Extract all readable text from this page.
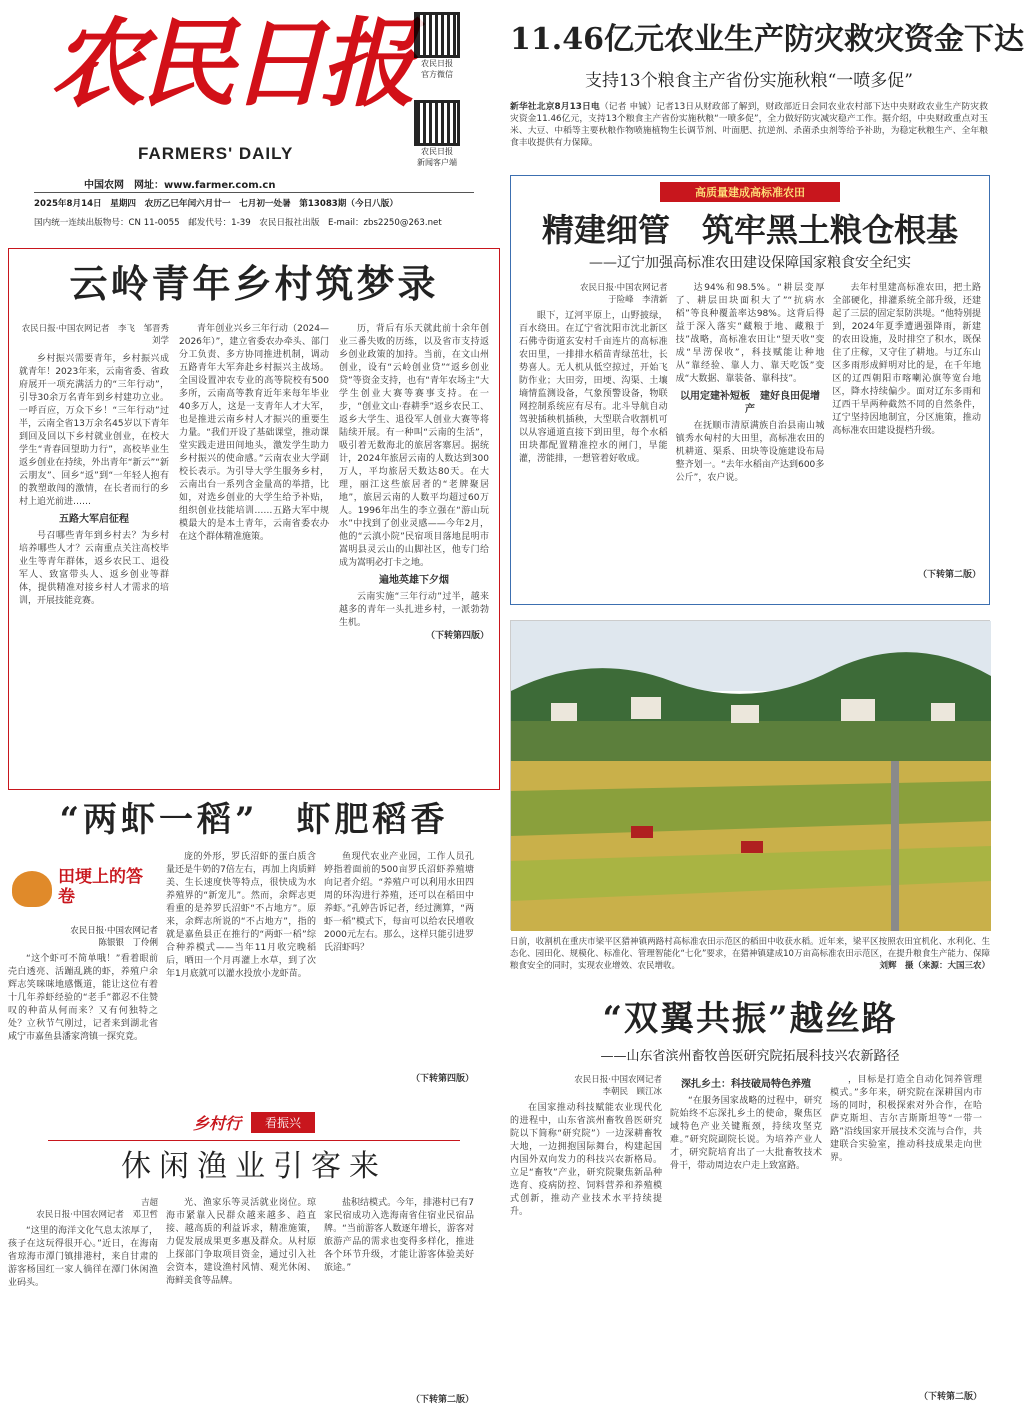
农民日报
FARMERS' DAILY
农民日报
官方微信
农民日报
新闻客户端
中国农网　网址：www.farmer.com.cn
2025年8月14日　星期四　农历乙巳年闰六月廿一　七月初一处暑　第13083期（今日八版）
国内统一连续出版物号：CN 11-0055　邮发代号：1-39　农民日报社出版　E-mail：zbs2250@263.net
11.46亿元农业生产防灾救灾资金下达
支持13个粮食主产省份实施秋粮“一喷多促”
新华社北京8月13日电（记者 申铖）记者13日从财政部了解到，财政部近日会同农业农村部下达中央财政农业生产防灾救灾资金11.46亿元，支持13个粮食主产省份实施秋粮“一喷多促”，全力做好防灾减灾稳产工作。据介绍，中央财政重点对玉米、大豆、中稻等主要秋粮作物喷施植物生长调节剂、叶面肥、抗逆剂、杀菌杀虫剂等给予补助，为稳定秋粮生产、全年粮食丰收提供有力保障。
云岭青年乡村筑梦录
农民日报·中国农网记者　李飞　邹晋秀　刘学

乡村振兴需要青年，乡村振兴成就青年！2023年来，云南省委、省政府展开一项充满活力的“三年行动”，引导30余万名青年到乡村建功立业。一呼百应，万众下乡！“三年行动”过半，云南全省13万余名45岁以下青年到回及回以下乡村就业创业，在校大学生“青春回望助力行”，高校毕业生返乡创业在持续，外出青年“新云”“新云朋友”、回乡“返”到“一年轻人抱有的教塑敢闯的激情，在长者而行的乡村上追光前进……

五路大军启征程

号召哪些青年到乡村去？为乡村培养哪些人才？云南重点关注高校毕业生等青年群体，返乡农民工、退役军人、致富带头人、返乡创业等群体，提供精准对接乡村人才需求的培训，开展技能竞赛。

青年创业兴乡三年行动（2024—2026年）”，建立省委农办牵头、部门分工负责、多方协同推进机制，调动五路青年大军奔赴乡村振兴主战场。全国设置冲农专业的高等院校有500多所，云南高等教育近年来每年毕业40多万人，这是一支青年人才大军，也是推进云南乡村人才振兴的重要生力量。“我们开设了基础课堂，推动课堂实践走进田间地头，激发学生助力乡村振兴的使命感。”云南农业大学副校长表示。为引导大学生服务乡村，云南出台一系列含金量高的举措，比如，对选乡创业的大学生给予补贴，组织创业技能培训……五路大军中规模最大的是本土青年，云南省委农办在这个群体精准施策。

历，背后有乐天就此前十余年创业三番失败的历练，以及省市支持返乡创业政策的加持。当前，在文山州创业，设有“云岭创业贷”“返乡创业贷”等资金支持，也有“青年农场主”大学生创业大赛等赛事支持。在一步，“创业文山·春耕季”返乡农民工、返乡大学生、退役军人创业大赛等将陆续开展。有一种叫“云南的生活”，吸引着无数海北的旅居客寨居。据统计，2024年旅居云南的人数达到300万人，平均旅居天数达80天。在大理，丽江这些旅居者的“老牌聚居地”，旅居云南的人数平均超过60万人。1996年出生的李立强在“游山玩水”中找到了创业灵感——今年2月，他的“云滇小院”民宿项目落地昆明市嵩明县灵云山的山脚社区，他专门给成为嵩明必打卡之地。

遍地英雄下夕烟

云南实施“三年行动”过半，越来越多的青年一头扎进乡村，一派勃勃生机。

（下转第四版）
高质量建成高标准农田
精建细管　筑牢黑土粮仓根基
——辽宁加强高标准农田建设保障国家粮食安全纪实
农民日报·中国农网记者
于险峰　李清新

眼下，辽河平原上，山野披绿，百水绕田。在辽宁省沈阳市沈北新区石佛寺街道玄安村千亩连片的高标准农田里，一排排水稻苗青绿茁壮，长势喜人。无人机从低空掠过，开始飞防作业；大田旁，田埂、沟渠、土壤墒情监测设备，气象预警设备，物联网控制系统应有尽有。北斗导航自动驾驶插秧机插秧，大型联合收割机可以从容通道直接下到田里，每个水稻田块都配置精准控水的闸门，旱能灌，涝能排，一想管着好收成。

达94%和98.5%。“耕层变厚了、耕层田块面积大了”“抗病水稻”等良种覆盖率达98%。这背后得益于深入落实“藏粮于地、藏粮于技”战略，高标准农田让“望天收”变成“旱涝保收”，科技赋能让种地从“靠经验、靠人力、靠天吃饭”变成“大数据、靠装备、靠科技”。

以用定建补短板　建好良田促增产

在抚顺市清原满族自治县南山城镇秀水甸村的大田里，高标准农田的机耕道、渠系、田块等设施建设布局整齐划一。“去年水稻亩产达到600多公斤”，农户说。

去年村里建高标准农田，把土路全部硬化，排灌系统全部升级，还建起了三层的固定泵防洪堤。“他特别提到，2024年夏季遭遇强降雨，新建的农田设施，及时排空了积水，既保住了庄稼，又守住了耕地。与辽东山区多雨形成鲜明对比的是，在千年地区的辽西朝阳市喀喇沁旗等宽台地区，降水持续偏少。面对辽东多雨和辽西干旱两种截然不同的自然条件，辽宁坚持因地制宜，分区施策，推动高标准农田建设提档升级。

（下转第二版）
日前，收割机在重庆市梁平区猎神镇两路村高标准农田示范区的稻田中收获水稻。近年来，梁平区按照农田宜机化、水利化、生态化、园田化、规模化、标准化、管理智能化“七化”要求，在猎神镇建成10万亩高标准农田示范区，在提升粮食生产能力、保障粮食安全的同时，实现农业增效、农民增收。	刘辉　摄（来源：大国三农）
“两虾一稻”　虾肥稻香
田埂上的答卷
农民日报·中国农网记者
陈银银　丁伶俐

“这个虾可不简单哦！”看着眼前壳白透亮、活蹦乱跳的虾，养殖户余辉志笑咪咪地感慨道，能让这位有着十几年养虾经验的“老手”都忍不住赞叹的种苗从何而来？又有何独特之处？立秋节气刚过，记者来到湖北省咸宁市嘉鱼县潘家湾镇一探究竟。

庞的外形，罗氏沼虾的蛋白质含量还是牛奶的7倍左右，再加上肉质鲜美、生长速度快等特点，很快成为水养殖界的“新宠儿”。然而，余辉志更看重的是养罗氏沼虾“不占地方”。原来，余辉志所说的“不占地方”，指的就是嘉鱼县正在推行的“两虾一稻”综合种养模式——当年11月收完晚稻后，晒田一个月再灌上水草，到了次年1月底就可以灌水投放小龙虾苗。

鱼现代农业产业园，工作人员孔婷指着面前的500亩罗氏沼虾养殖塘向记者介绍。“养殖户可以利用水田四周的环沟进行养殖，还可以在稻田中养虾。”孔婷告诉记者，经过测算，“两虾一稻”模式下，每亩可以给农民增收2000元左右。那么，这样只能引进罗氏沼虾吗？

（下转第四版）
乡村行	看振兴
休闲渔业引客来
吉超
农民日报·中国农网记者　邓卫哲

“这里的海洋文化气息太浓厚了，孩子在这玩得很开心。”近日，在海南省琼海市潭门镇排港村，来自甘肃的游客杨国红一家人徜徉在潭门休闲渔业码头。

光、渔家乐等灵活就业岗位。琼海市紧靠入民群众越来越多、趋直接、越高质的利益诉求，精准施策，力促发展成果更多惠及群众。从村原上探部门争取项目资金，通过引入社会资本，建设渔村风情、观光休闲、海鲜美食等品牌。

盐积结模式。今年，排港村已有7家民宿成功入选海南省住宿业民宿品牌。“当前游客人数逐年增长，游客对旅游产品的需求也变得多样化，推进各个环节升级，才能让游客体验美好旅途。”

（下转第二版）
“双翼共振”越丝路
——山东省滨州畜牧兽医研究院拓展科技兴农新路径
农民日报·中国农网记者
李朝民　顾江冰

在国家推动科技赋能农业现代化的进程中，山东省滨州畜牧兽医研究院以下简称“研究院”）一边深耕畜牧大地，一边拥抱国际舞台，构建起国内国外双向发力的科技兴农新格局。立足“畜牧”产业，研究院聚焦新品种选育、疫病防控、饲料营养和养殖模式创新，推动产业技术水平持续提升。

深扎乡土：科技破局特色养殖

“在服务国家战略的过程中，研究院始终不忘深扎乡土的使命，聚焦区域特色产业关键瓶颈，持续攻坚克难。”研究院副院长说。为培养产业人才，研究院培育出了一大批畜牧技术骨干，带动周边农户走上致富路。

，目标是打造全自动化饲养管理模式。”多年来，研究院在深耕国内市场的同时，积极探索对外合作，在哈萨克斯坦、吉尔吉斯斯坦等“一带一路”沿线国家开展技术交流与合作，共建联合实验室，推动科技成果走向世界。

（下转第二版）
